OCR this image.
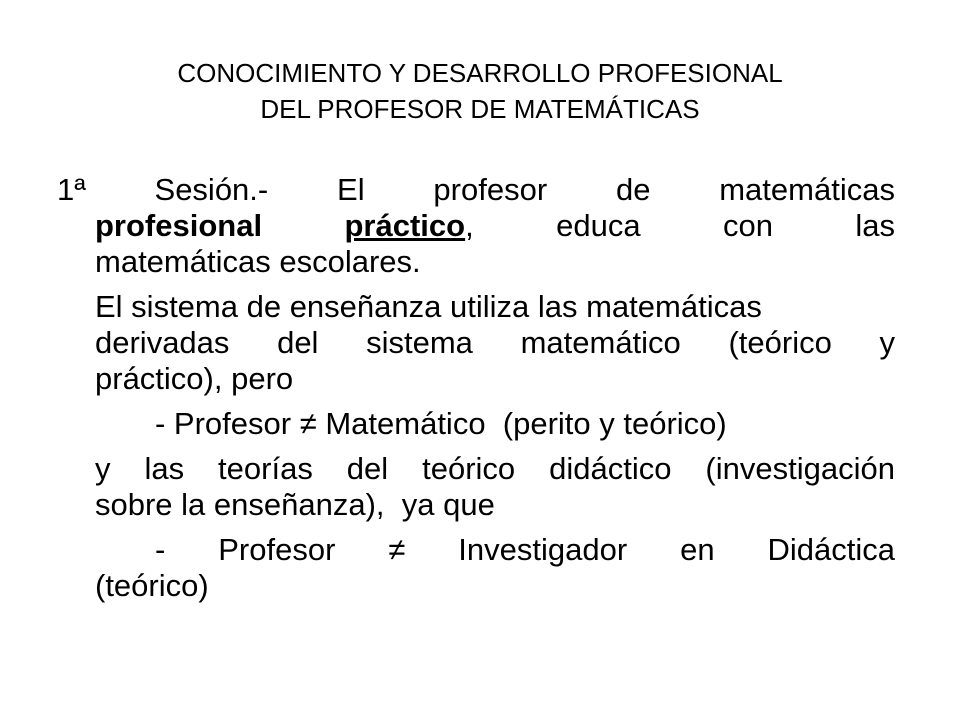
CONOCIMIENTO Y DESARROLLO PROFESIONAL
DEL PROFESOR DE MATEMÁTICAS
1ª Sesión.- El profesor de matemáticas
profesional	práctico,	educa	con	las
matemáticas escolares.
El sistema de enseñanza utiliza las matemáticas
derivadas del sistema matemático (teórico y
práctico), pero
- Profesor ≠ Matemático  (perito y teórico)
y las teorías del teórico didáctico (investigación
sobre la enseñanza),  ya que
- Profesor ≠ Investigador en Didáctica
(teórico)
